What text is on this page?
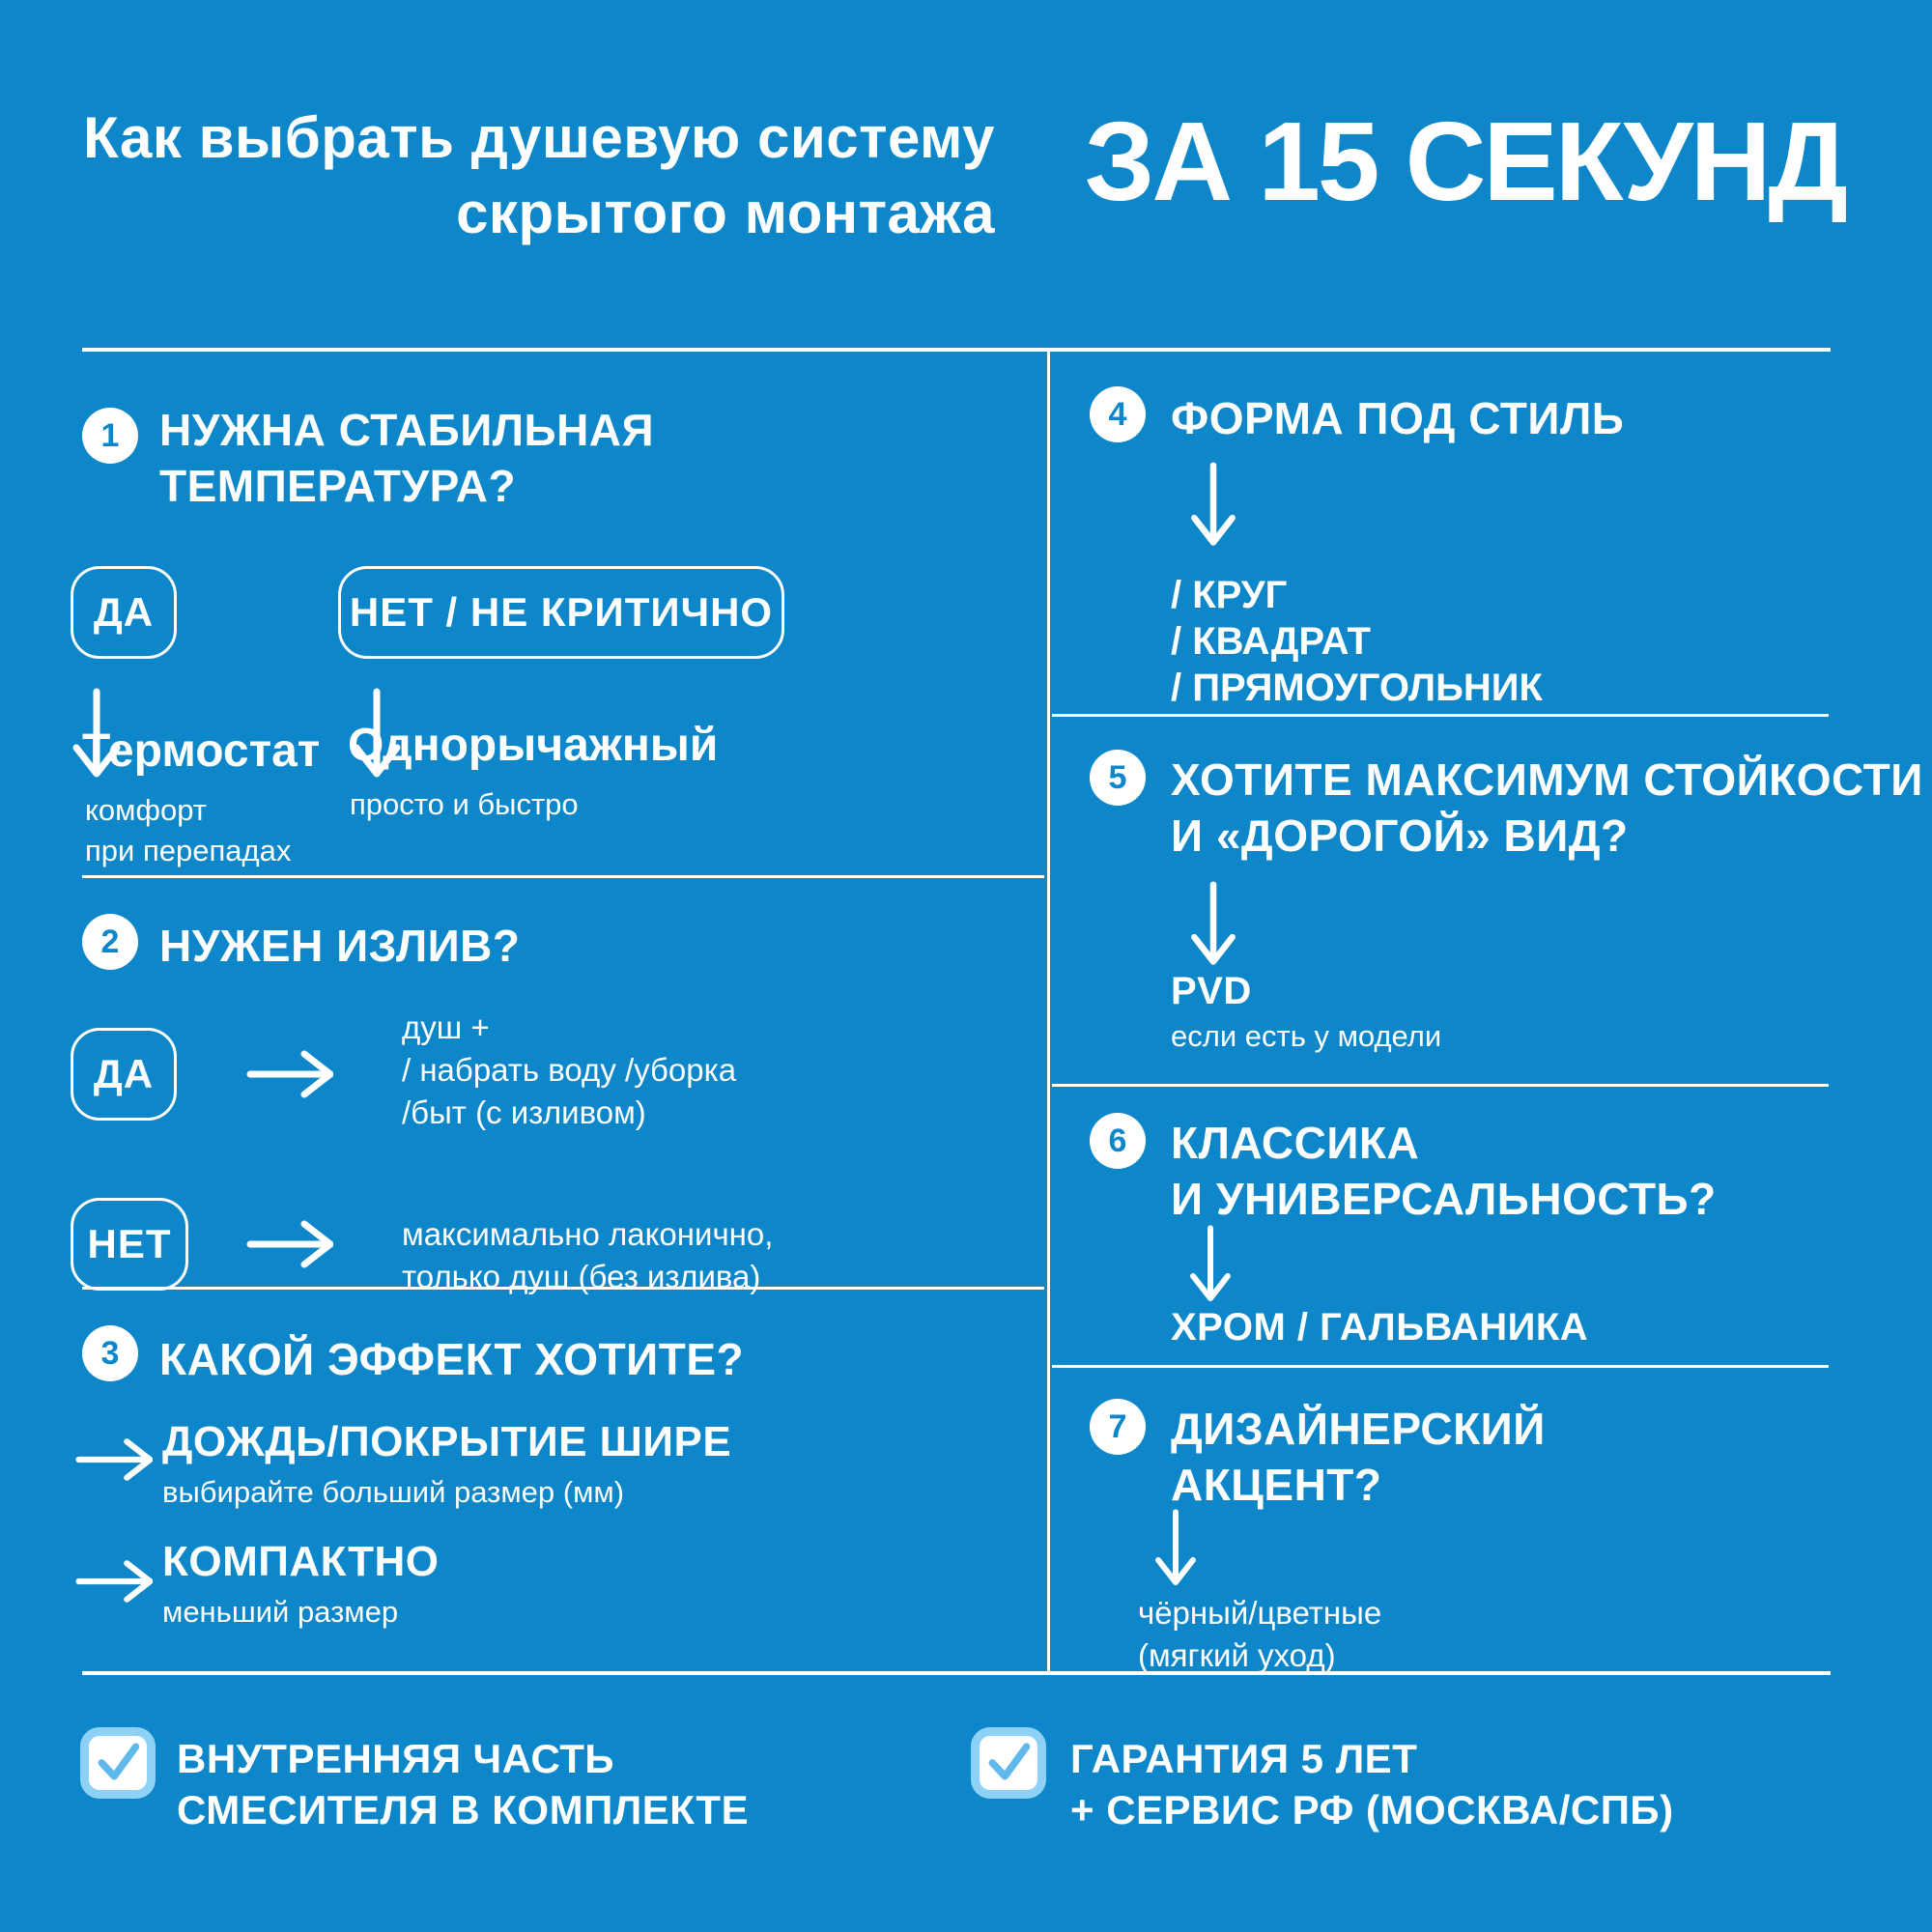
Как выбрать душевую систему
скрытого монтажа ЗА 15 СЕКУНД
1 НУЖНА СТАБИЛЬНАЯ
ТЕМПЕРАТУРА?
ДА	НЕТ / НЕ КРИТИЧНО
Термостат
комфорт
при перепадах
Однорычажный
просто и быстро
2 НУЖЕН ИЗЛИВ?
ДА
душ +
/ набрать воду /уборка
/быт (с изливом)
НЕТ	максимально лаконично,
только душ (без излива)
3 КАКОЙ ЭФФЕКТ ХОТИТЕ?
ДОЖДЬ/ПОКРЫТИЕ ШИРЕ
выбирайте больший размер (мм)
КОМПАКТНО
меньший размер
4 ФОРМА ПОД СТИЛЬ
/ КРУГ
/ КВАДРАТ
/ ПРЯМОУГОЛЬНИК
5 ХОТИТЕ МАКСИМУМ СТОЙКОСТИ
И «ДОРОГОЙ» ВИД?
PVD
если есть у модели
6 КЛАССИКА
И УНИВЕРСАЛЬНОСТЬ?
ХРОМ / ГАЛЬВАНИКА
7 ДИЗАЙНЕРСКИЙ
АКЦЕНТ?
чёрный/цветные
(мягкий уход)
ВНУТРЕННЯЯ ЧАСТЬ
СМЕСИТЕЛЯ В КОМПЛЕКТЕ
ГАРАНТИЯ 5 ЛЕТ
+ СЕРВИС РФ (МОСКВА/СПБ)
